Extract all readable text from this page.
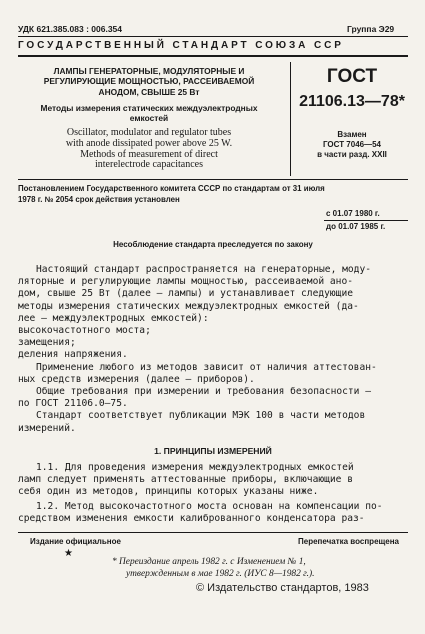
УДК 621.385.083 : 006.354	Группа Э29
ГОСУДАРСТВЕННЫЙ СТАНДАРТ СОЮЗА ССР
ЛАМПЫ ГЕНЕРАТОРНЫЕ, МОДУЛЯТОРНЫЕ И
РЕГУЛИРУЮЩИЕ МОЩНОСТЬЮ, РАССЕИВАЕМОЙ
АНОДОМ, СВЫШЕ 25 Вт
Методы измерения статических междуэлектродных
емкостей
Oscillator, modulator and regulator tubes
with anode dissipated power above 25 W.
Methods of measurement of direct
interelectrode capacitances
ГОСТ
21106.13—78*
Взамен
ГОСТ 7046—54
в части разд. XXII
Постановлением Государственного комитета СССР по стандартам от 31 июля
1978 г. № 2054 срок действия установлен
с 01.07 1980 г.
до 01.07 1985 г.
Несоблюдение стандарта преследуется по закону
Настоящий стандарт распространяется на генераторные, моду-
ляторные и регулирующие лампы мощностью, рассеиваемой ано-
дом, свыше 25 Вт (далее — лампы) и устанавливает следующие
методы измерения статических междуэлектродных емкостей (да-
лее — междуэлектродных емкостей):
высокочастотного моста;
замещения;
деления напряжения.
Применение любого из методов зависит от наличия аттестован-
ных средств измерения (далее — приборов).
Общие требования при измерении и требования безопасности —
по ГОСТ 21106.0—75.
Стандарт соответствует публикации МЭК 100 в части методов
измерений.
1. ПРИНЦИПЫ ИЗМЕРЕНИЙ
1.1. Для проведения измерения междуэлектродных емкостей
ламп следует применять аттестованные приборы, включающие в
себя один из методов, принципы которых указаны ниже.
1.2. Метод высокочастотного моста основан на компенсации по-
средством изменения емкости калиброванного конденсатора раз-
Издание официальное
★
Перепечатка воспрещена
* Переиздание апрель 1982 г. с Изменением № 1,
утвержденным в мае 1982 г. (ИУС 8—1982 г.).
© Издательство стандартов, 1983
